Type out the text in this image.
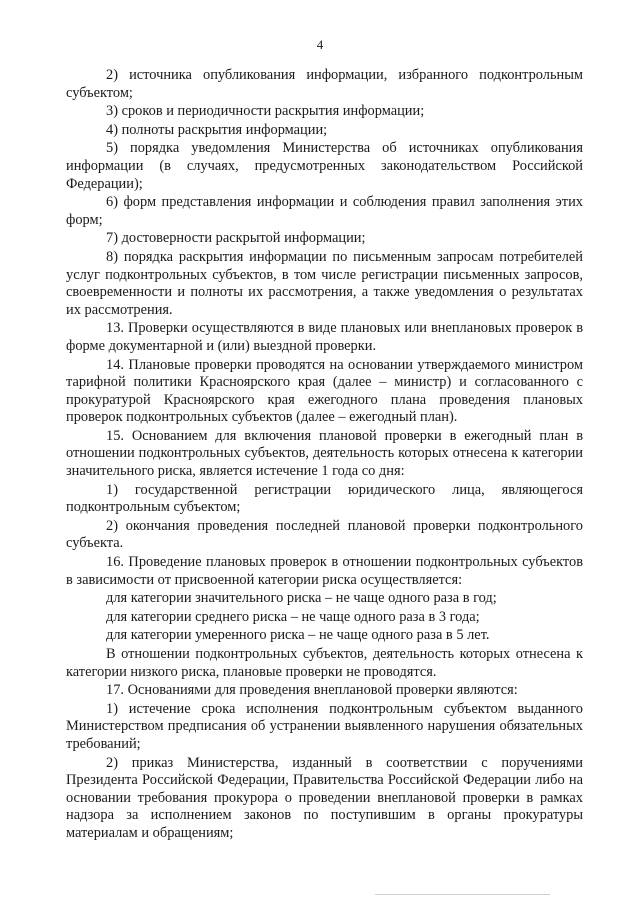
4

2) источника опубликования информации, избранного подконтрольным субъектом;

3) сроков и периодичности раскрытия информации;

4) полноты раскрытия информации;

5) порядка уведомления Министерства об источниках опубликования информации (в случаях, предусмотренных законодательством Российской Федерации);

6) форм представления информации и соблюдения правил заполнения этих форм;

7) достоверности раскрытой информации;

8) порядка раскрытия информации по письменным запросам потребителей услуг подконтрольных субъектов, в том числе регистрации письменных запросов, своевременности и полноты их рассмотрения, а также уведомления о результатах их рассмотрения.

13. Проверки осуществляются в виде плановых или внеплановых проверок в форме документарной и (или) выездной проверки.

14. Плановые проверки проводятся на основании утверждаемого министром тарифной политики Красноярского края (далее – министр) и согласованного с прокуратурой Красноярского края ежегодного плана проведения плановых проверок подконтрольных субъектов (далее – ежегодный план).

15. Основанием для включения плановой проверки в ежегодный план в отношении подконтрольных субъектов, деятельность которых отнесена к категории значительного риска, является истечение 1 года со дня:

1) государственной регистрации юридического лица, являющегося подконтрольным субъектом;

2) окончания проведения последней плановой проверки подконтрольного субъекта.

16. Проведение плановых проверок в отношении подконтрольных субъектов в зависимости от присвоенной категории риска осуществляется:

для категории значительного риска – не чаще одного раза в год;

для категории среднего риска – не чаще одного раза в 3 года;

для категории умеренного риска – не чаще одного раза в 5 лет.

В отношении подконтрольных субъектов, деятельность которых отнесена к категории низкого риска, плановые проверки не проводятся.

17. Основаниями для проведения внеплановой проверки являются:

1) истечение срока исполнения подконтрольным субъектом выданного Министерством предписания об устранении выявленного нарушения обязательных требований;

2) приказ Министерства, изданный в соответствии с поручениями Президента Российской Федерации, Правительства Российской Федерации либо на основании требования прокурора о проведении внеплановой проверки в рамках надзора за исполнением законов по поступившим в органы прокуратуры материалам и обращениям;
